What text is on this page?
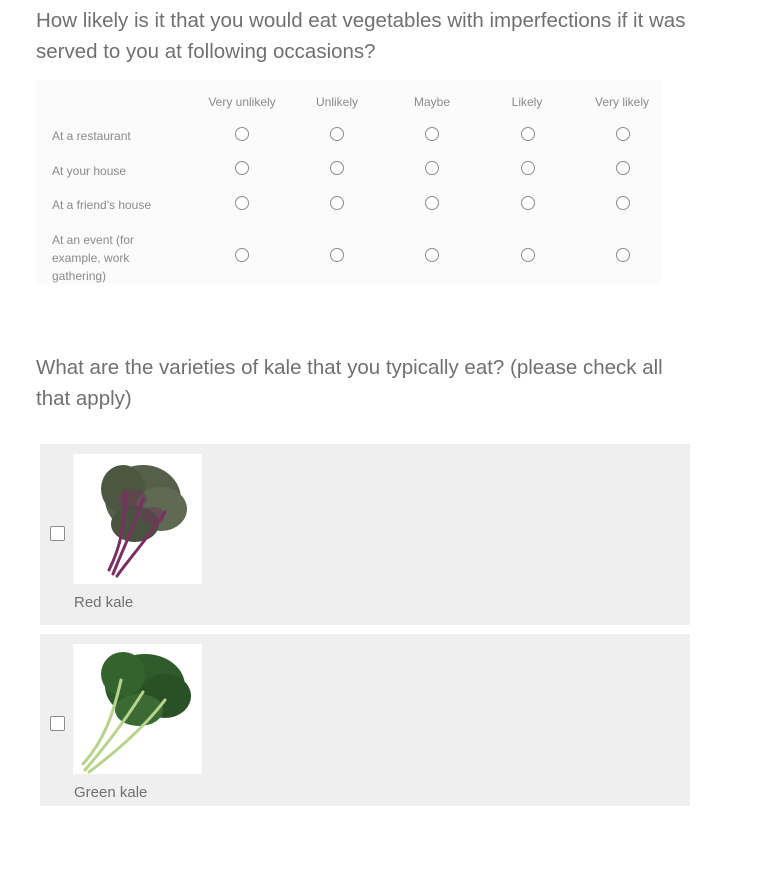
How likely is it that you would eat vegetables with imperfections if it was served to you at following occasions?
Very unlikely	Unlikely	Maybe	Likely	Very likely
At a restaurant
At your house
At a friend's house
At an event (for example, work gathering)
What are the varieties of kale that you typically eat? (please check all that apply)
Red kale
Green kale
